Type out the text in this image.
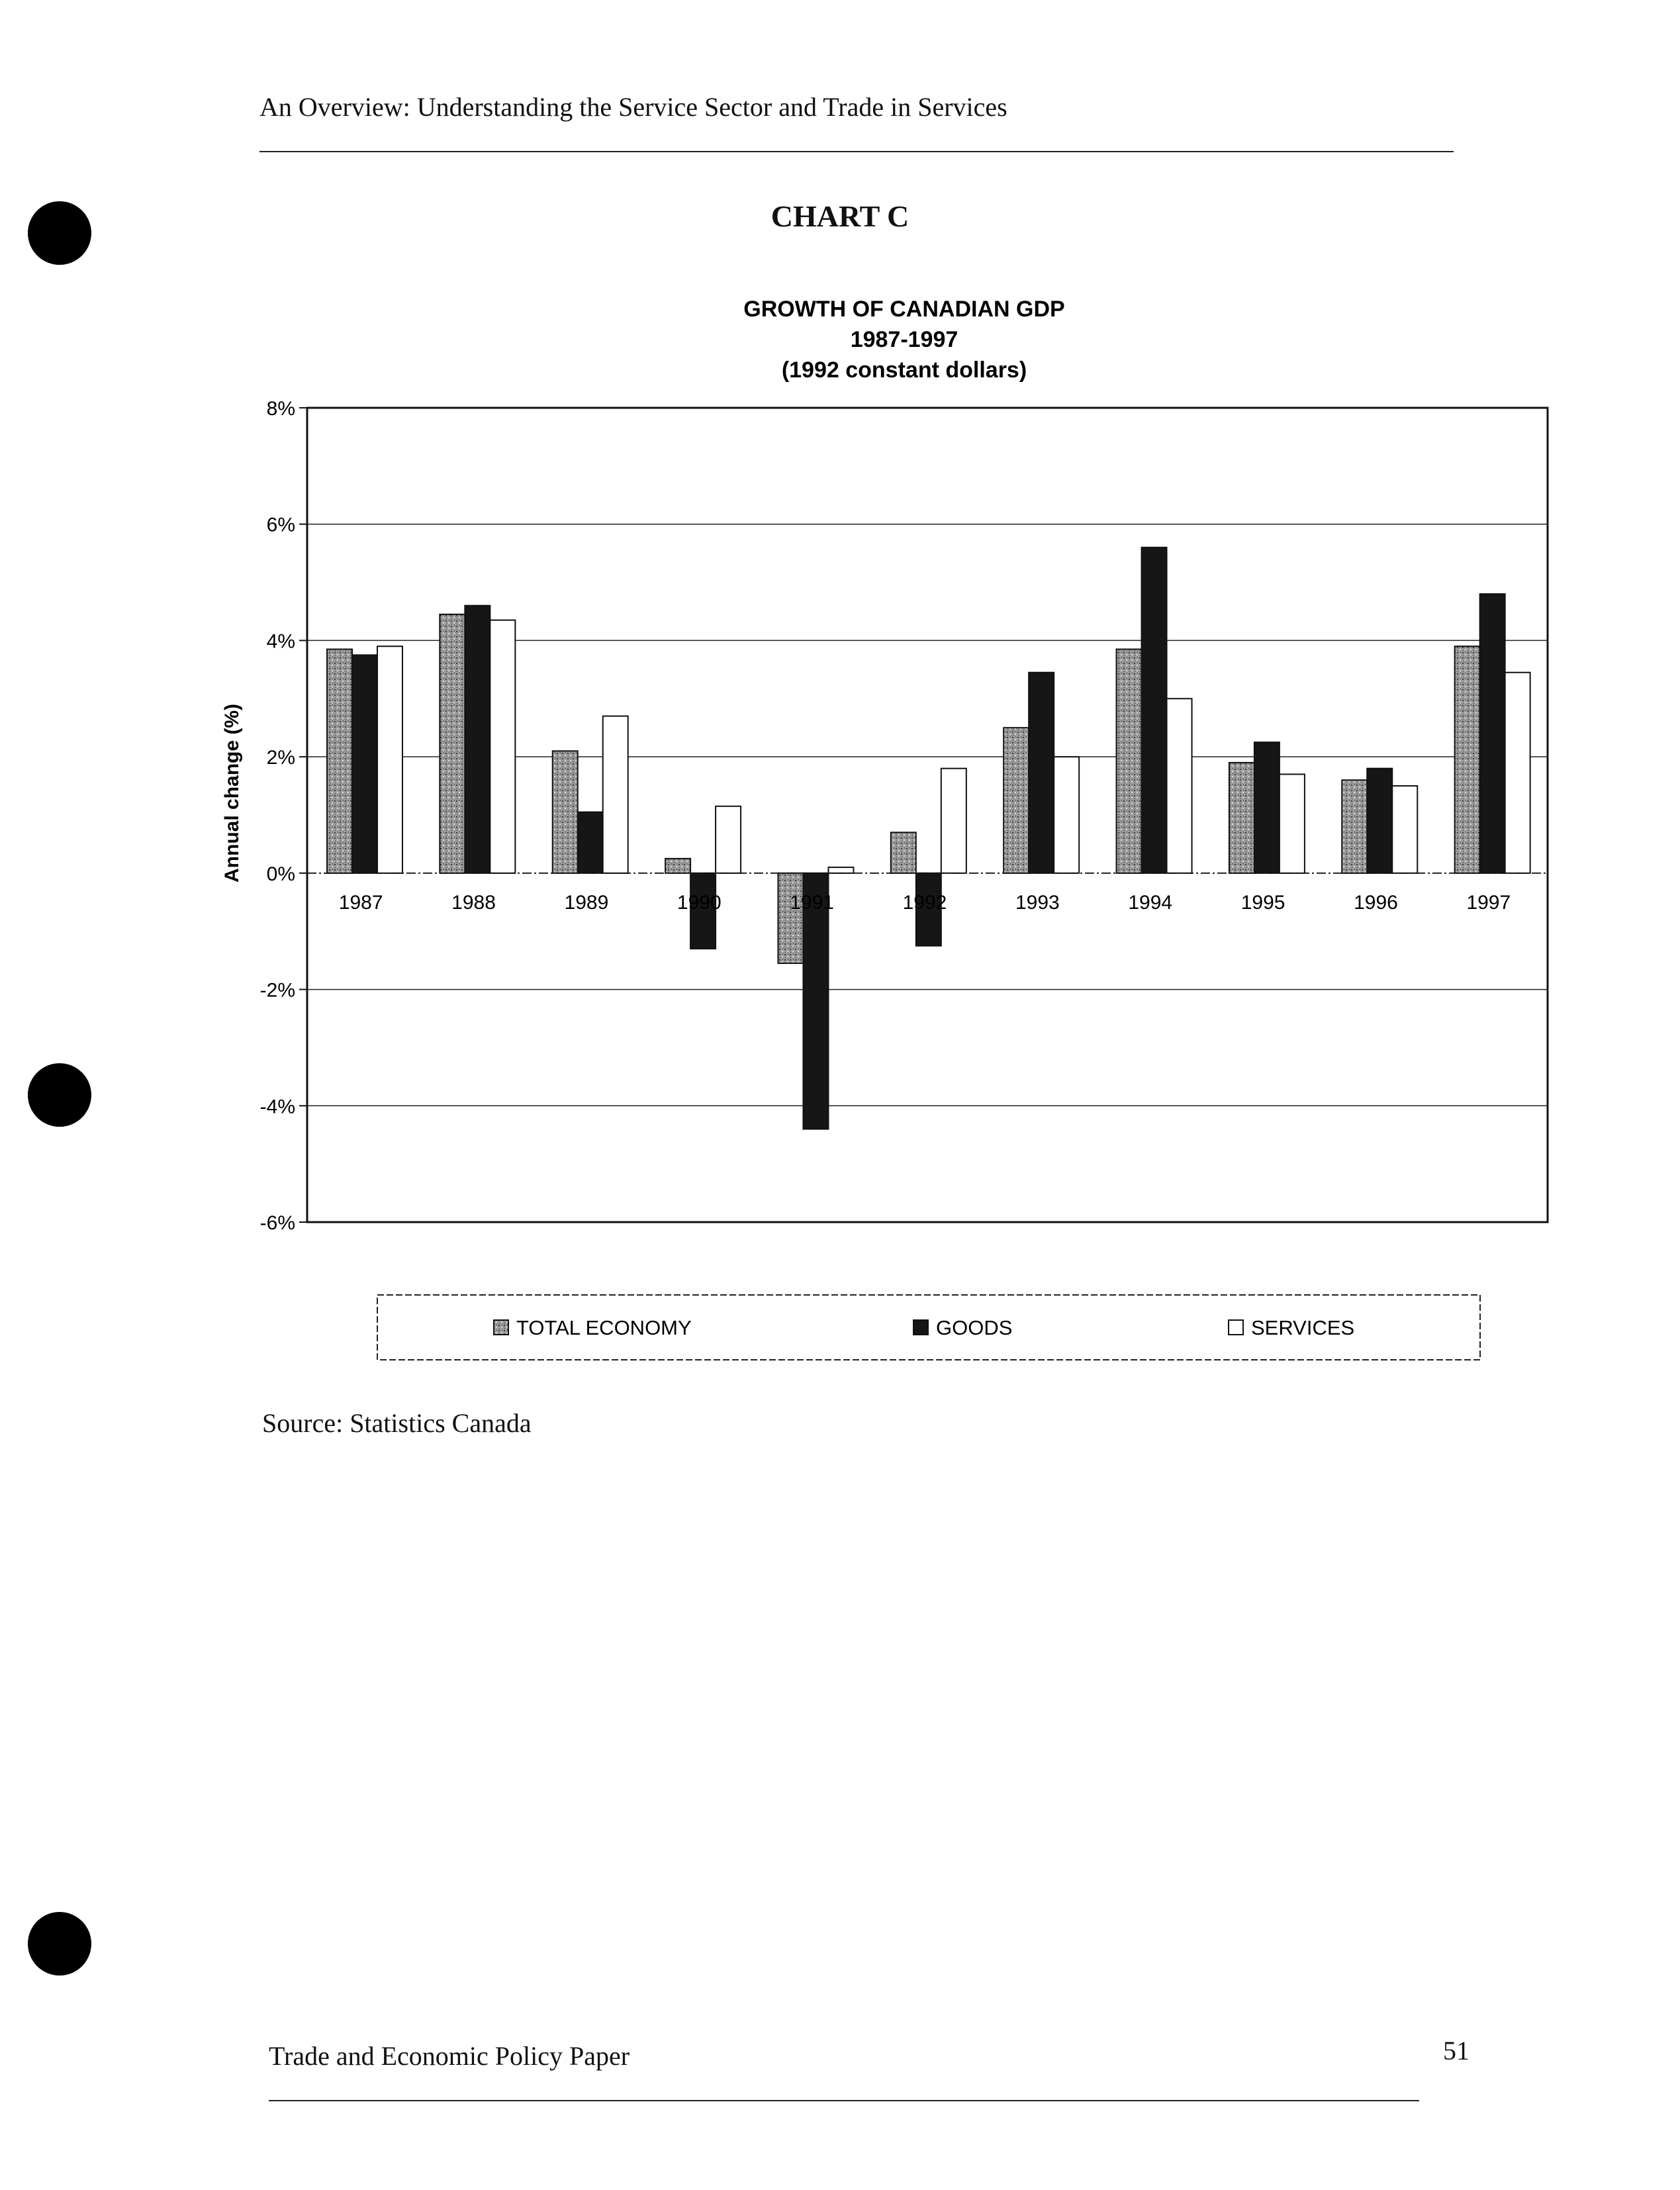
An Overview: Understanding the Service Sector and Trade in Services
CHART C
GROWTH OF CANADIAN GDP
1987-1997
(1992 constant dollars)
Annual change (%)
-6%
-4%
-2%
0%
2%
4%
6%
8%
1987	1988	1989	1990	1991	1992	1993	1994	1995	1996	1997
TOTAL ECONOMY	GOODS	SERVICES
Source: Statistics Canada
Trade and Economic Policy Paper	51
